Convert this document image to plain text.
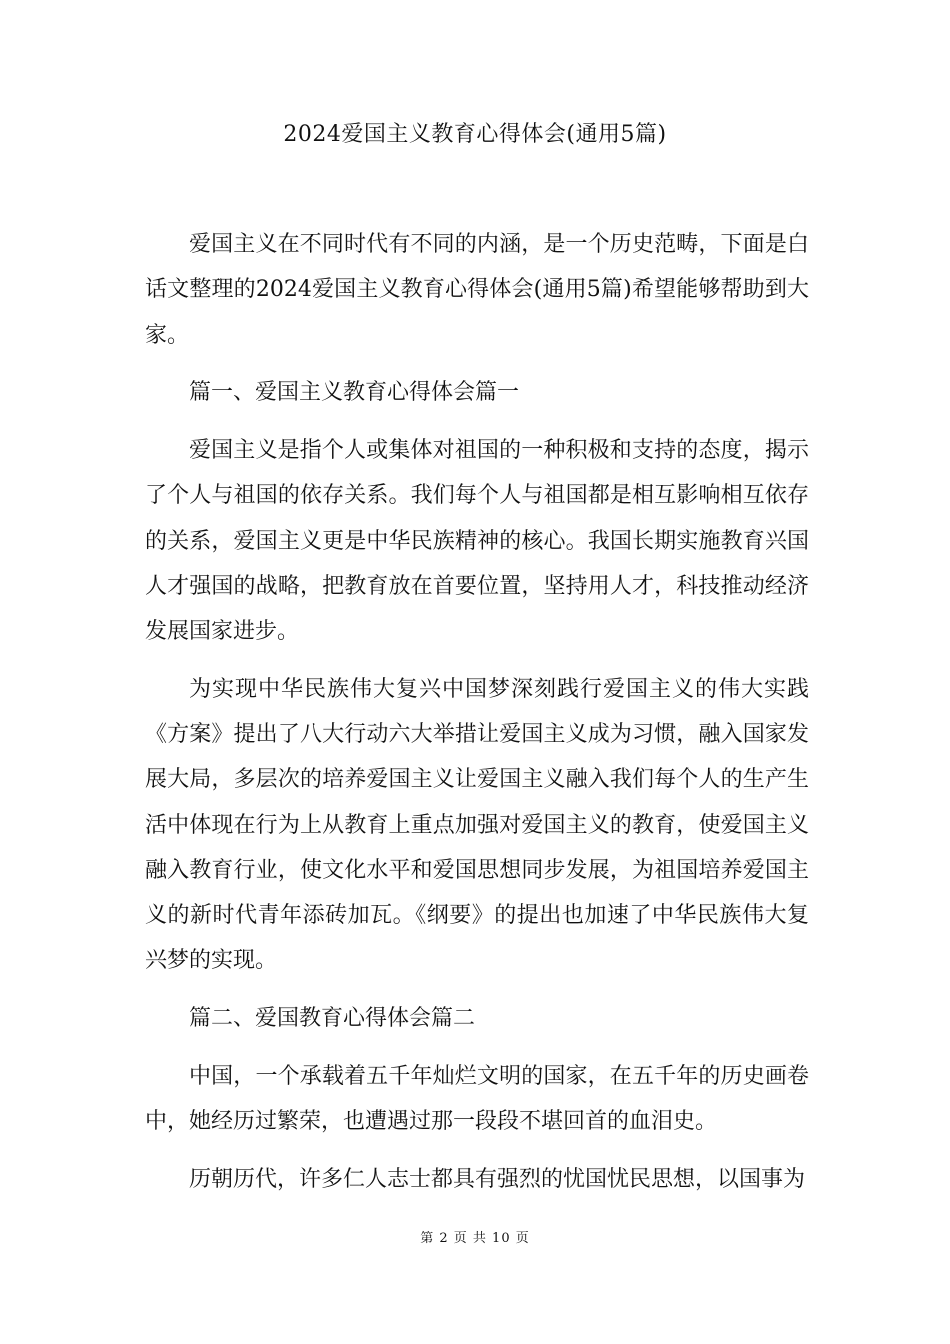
2024爱国主义教育心得体会(通用5篇)

爱国主义在不同时代有不同的内涵，是一个历史范畴，下面是白话文整理的2024爱国主义教育心得体会(通用5篇)希望能够帮助到大家。

篇一、爱国主义教育心得体会篇一

爱国主义是指个人或集体对祖国的一种积极和支持的态度，揭示了个人与祖国的依存关系。我们每个人与祖国都是相互影响相互依存的关系，爱国主义更是中华民族精神的核心。我国长期实施教育兴国人才强国的战略，把教育放在首要位置，坚持用人才，科技推动经济发展国家进步。

为实现中华民族伟大复兴中国梦深刻践行爱国主义的伟大实践《方案》提出了八大行动六大举措让爱国主义成为习惯，融入国家发展大局，多层次的培养爱国主义让爱国主义融入我们每个人的生产生活中体现在行为上从教育上重点加强对爱国主义的教育，使爱国主义融入教育行业，使文化水平和爱国思想同步发展，为祖国培养爱国主义的新时代青年添砖加瓦。《纲要》的提出也加速了中华民族伟大复兴梦的实现。

篇二、爱国教育心得体会篇二

中国，一个承载着五千年灿烂文明的国家，在五千年的历史画卷中，她经历过繁荣，也遭遇过那一段段不堪回首的血泪史。

历朝历代，许多仁人志士都具有强烈的忧国忧民思想，以国事为

第 2 页 共 10 页
